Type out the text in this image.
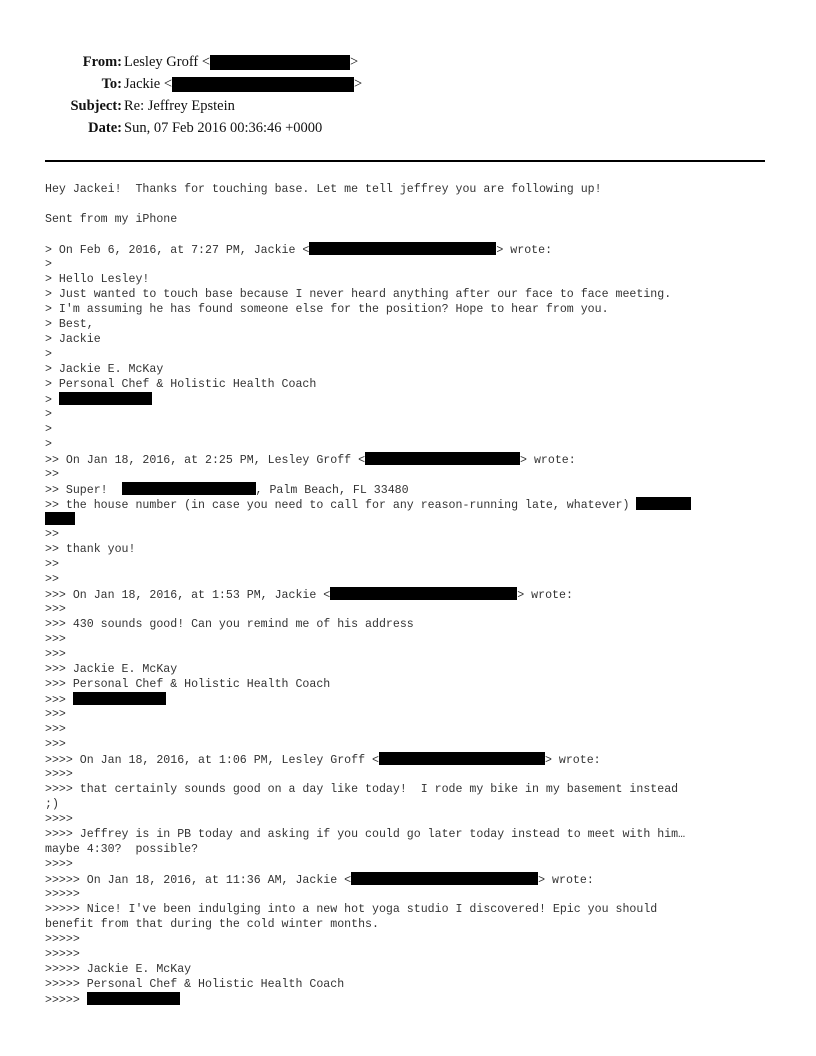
From: Lesley Groff <	>
To: Jackie <	>
Subject: Re: Jeffrey Epstein
Date: Sun, 07 Feb 2016 00:36:46 +0000
Hey Jackei!  Thanks for touching base. Let me tell jeffrey you are following up!
Sent from my iPhone
> On Feb 6, 2016, at 7:27 PM, Jackie <	> wrote:
>
> Hello Lesley!
> Just wanted to touch base because I never heard anything after our face to face meeting.
> I'm assuming he has found someone else for the position? Hope to hear from you.
> Best,
> Jackie
>
> Jackie E. McKay
> Personal Chef & Holistic Health Coach
>
>
>
>
>> On Jan 18, 2016, at 2:25 PM, Lesley Groff <	> wrote:
>>
>> Super!	, Palm Beach, FL 33480
>> the house number (in case you need to call for any reason-running late, whatever)
>>
>> thank you!
>>
>>
>>> On Jan 18, 2016, at 1:53 PM, Jackie <	> wrote:
>>>
>>> 430 sounds good! Can you remind me of his address
>>>
>>>
>>> Jackie E. McKay
>>> Personal Chef & Holistic Health Coach
>>>
>>>
>>>
>>>
>>>> On Jan 18, 2016, at 1:06 PM, Lesley Groff <	> wrote:
>>>>
>>>> that certainly sounds good on a day like today!  I rode my bike in my basement instead
;)
>>>>
>>>> Jeffrey is in PB today and asking if you could go later today instead to meet with him…
maybe 4:30?  possible?
>>>>
>>>>> On Jan 18, 2016, at 11:36 AM, Jackie <	> wrote:
>>>>>
>>>>> Nice! I've been indulging into a new hot yoga studio I discovered! Epic you should
benefit from that during the cold winter months.
>>>>>
>>>>>
>>>>> Jackie E. McKay
>>>>> Personal Chef & Holistic Health Coach
>>>>>
